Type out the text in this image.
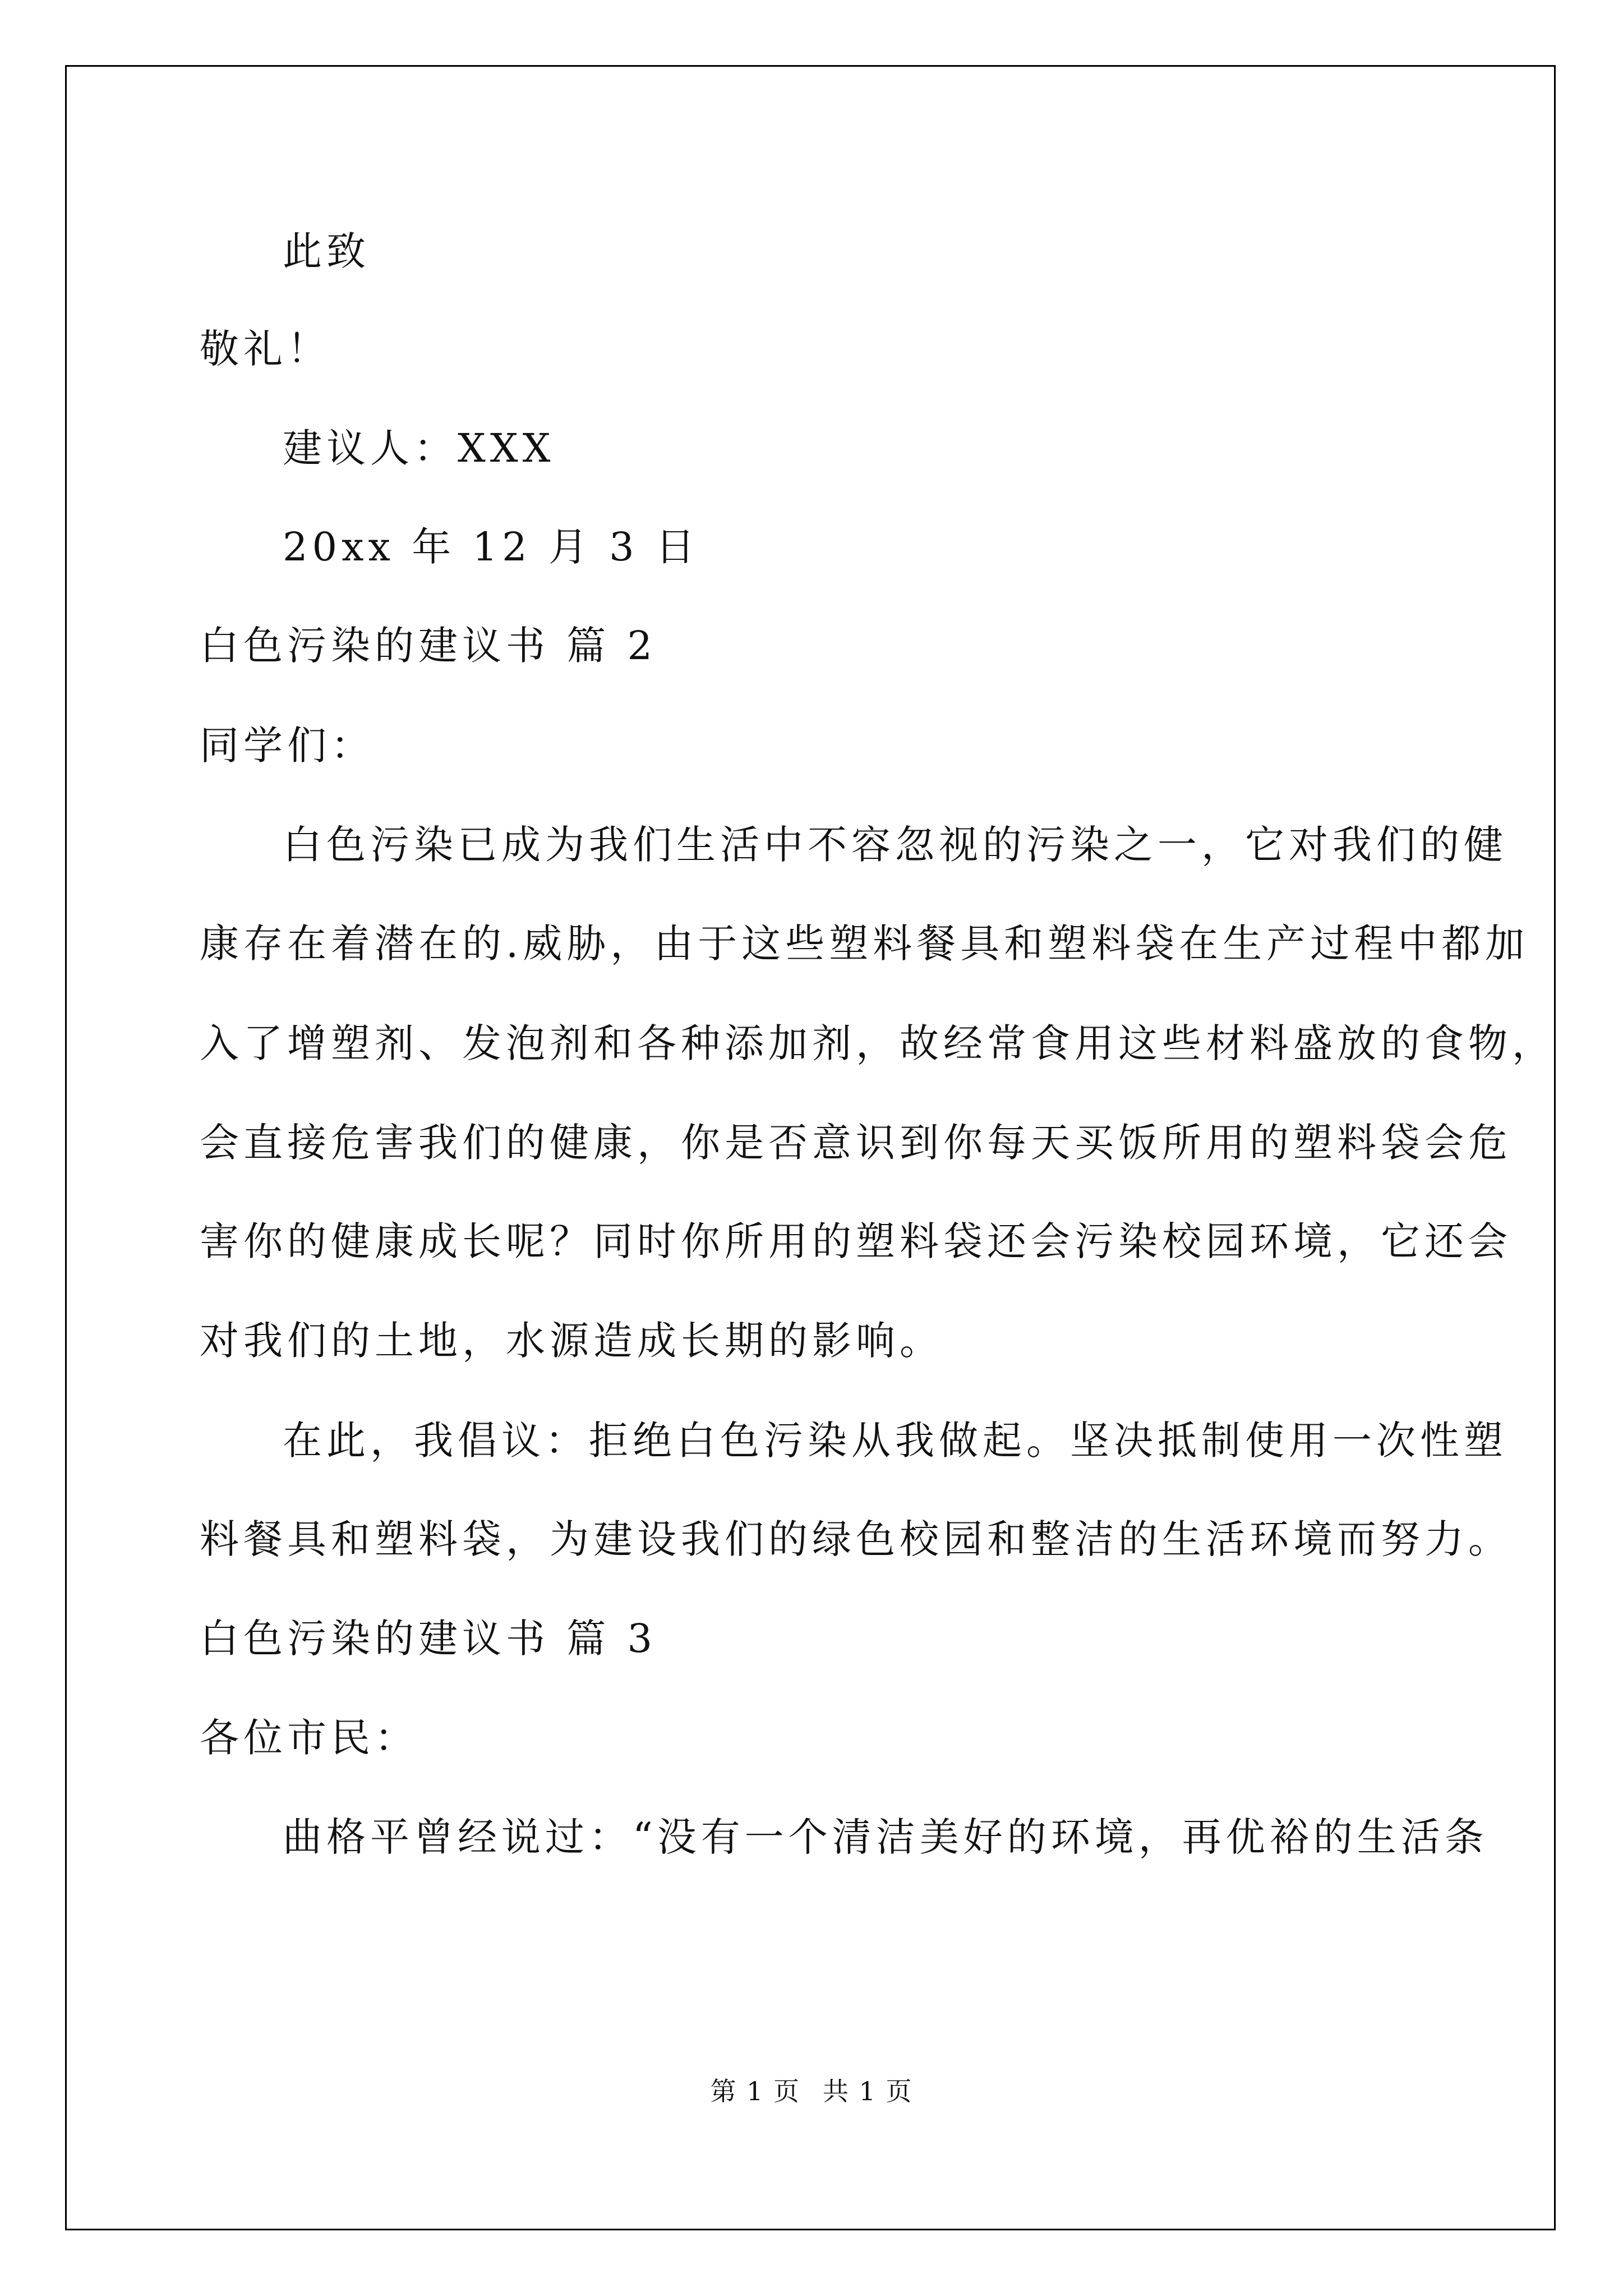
此致
敬礼！
建议人：XXX
20xx 年 12 月 3 日
白色污染的建议书 篇 2
同学们：
白色污染已成为我们生活中不容忽视的污染之一，它对我们的健
康存在着潜在的.威胁，由于这些塑料餐具和塑料袋在生产过程中都加
入了增塑剂、发泡剂和各种添加剂，故经常食用这些材料盛放的食物，
会直接危害我们的健康，你是否意识到你每天买饭所用的塑料袋会危
害你的健康成长呢？同时你所用的塑料袋还会污染校园环境，它还会
对我们的土地，水源造成长期的影响。
在此，我倡议：拒绝白色污染从我做起。坚决抵制使用一次性塑
料餐具和塑料袋，为建设我们的绿色校园和整洁的生活环境而努力。
白色污染的建议书 篇 3
各位市民：
曲格平曾经说过：“没有一个清洁美好的环境，再优裕的生活条
第 1 页 共 1 页
